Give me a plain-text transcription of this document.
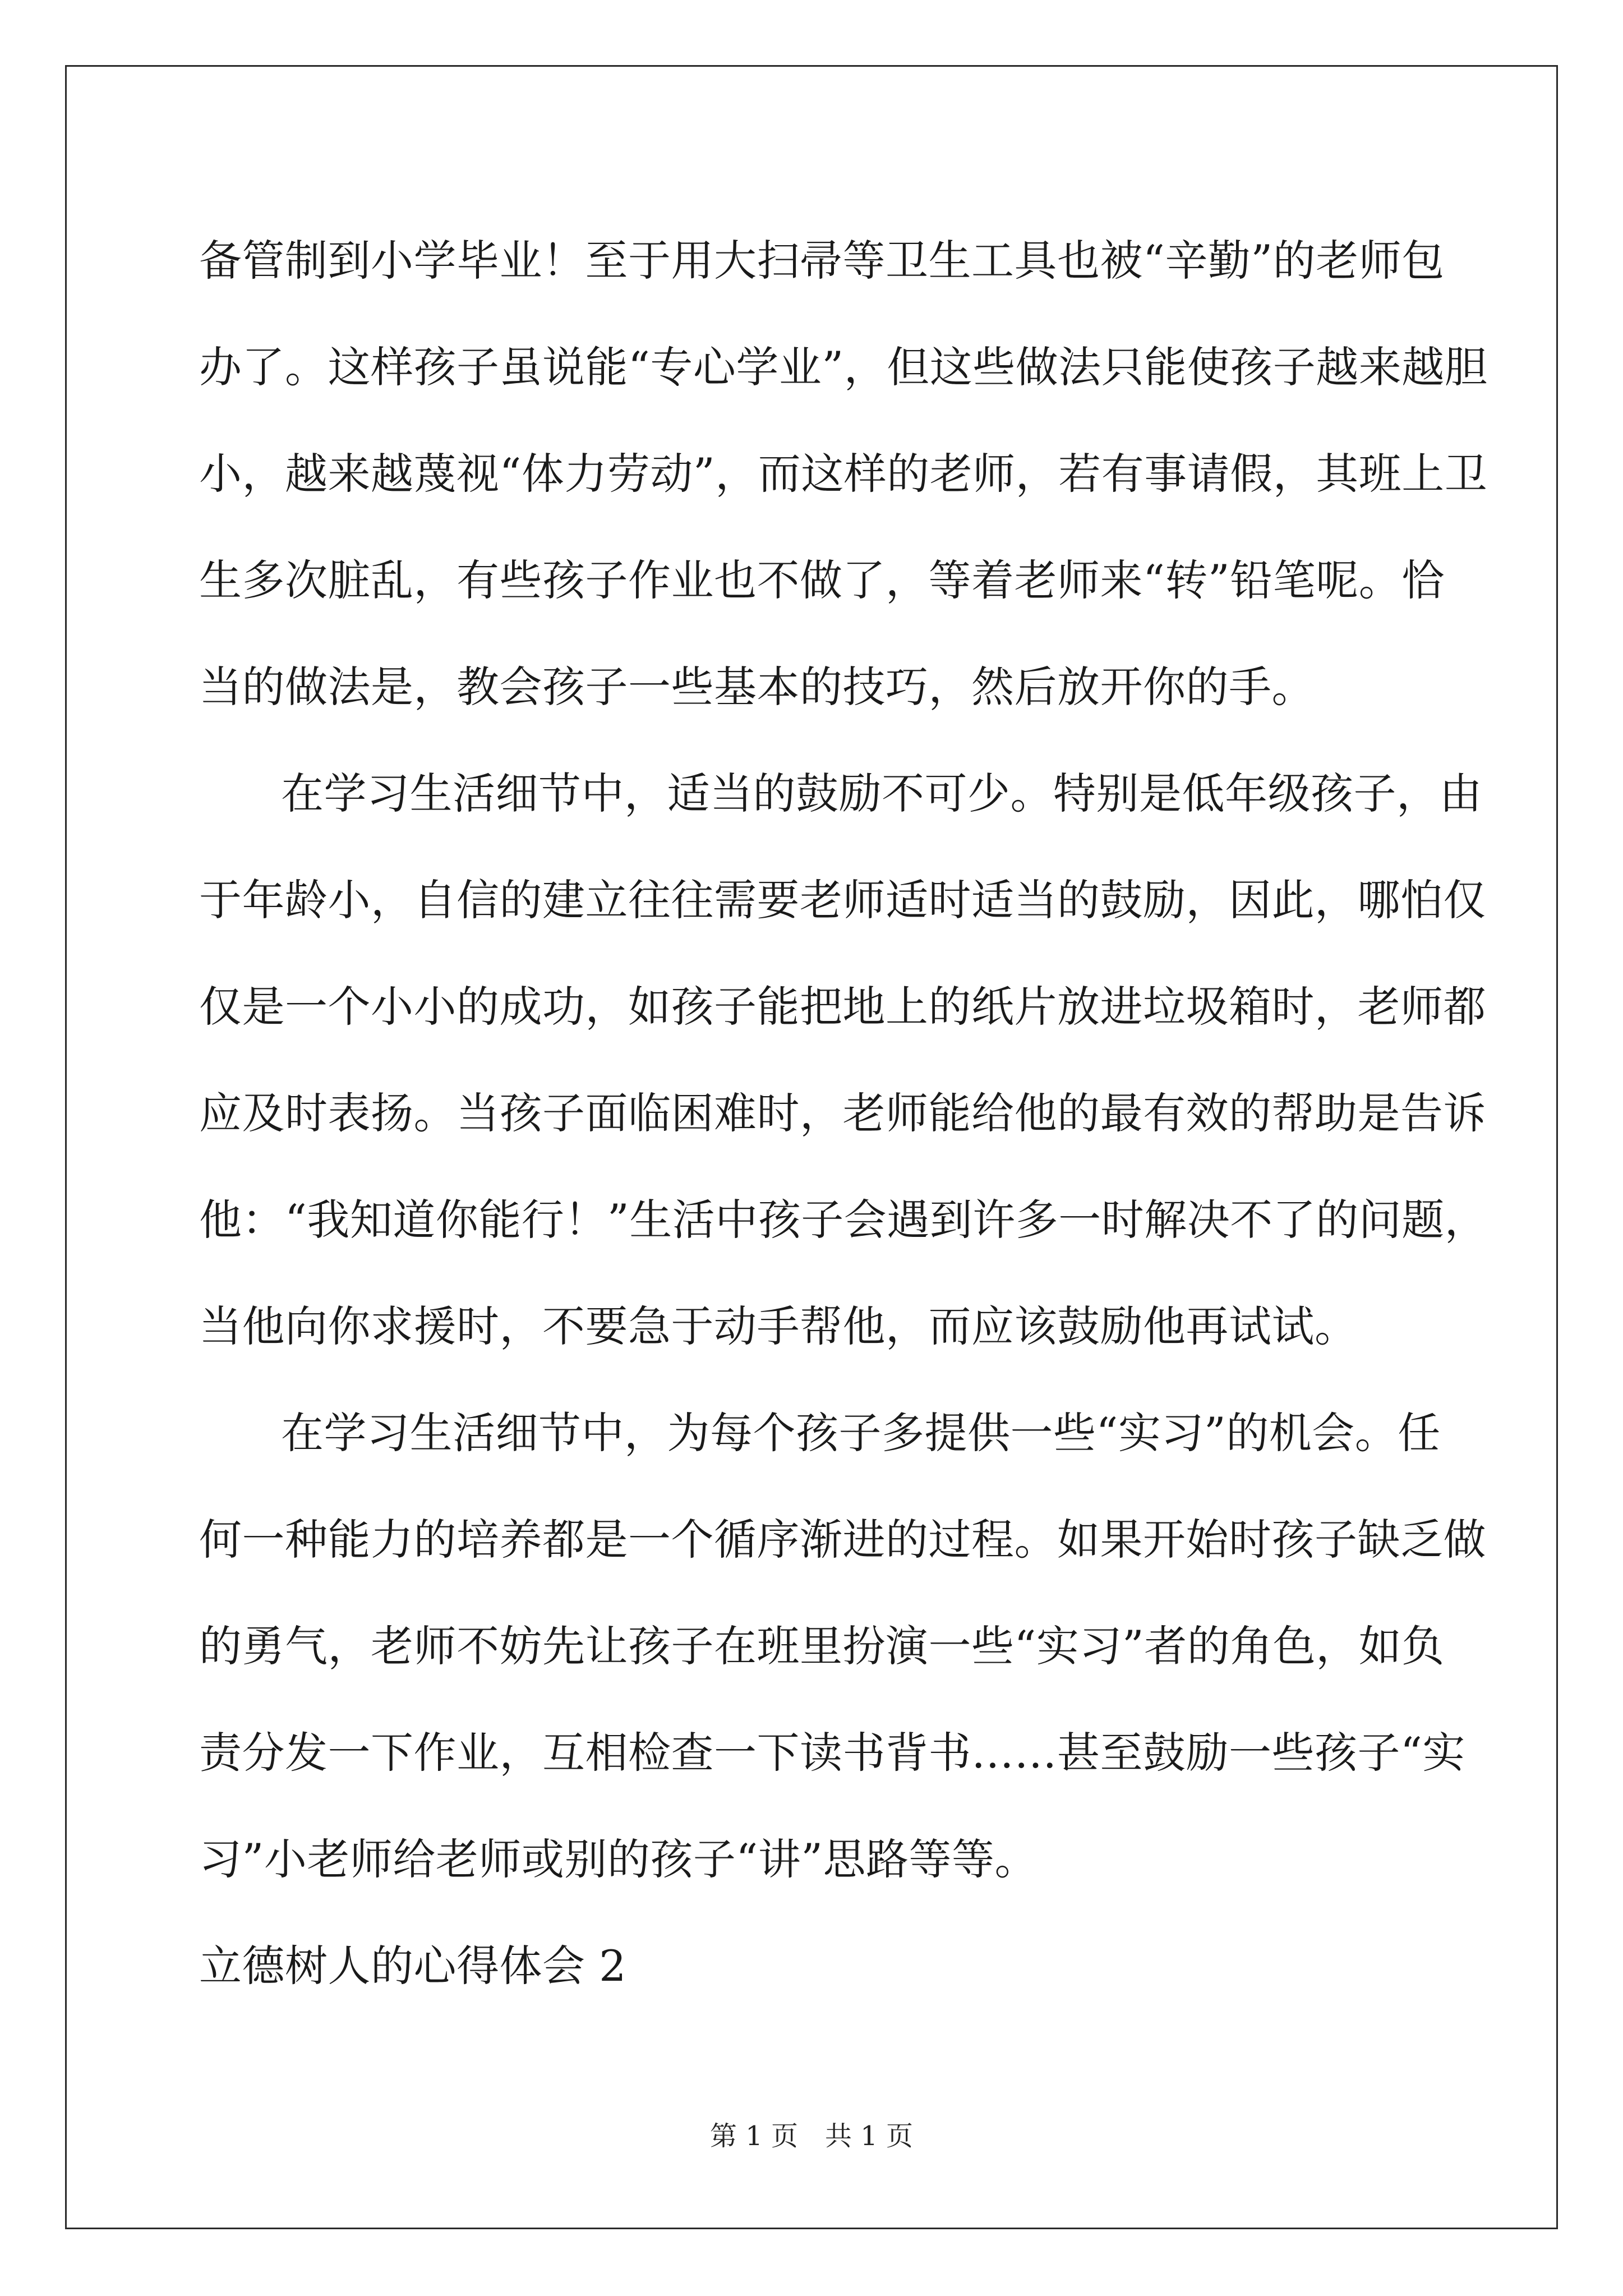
备管制到小学毕业！至于用大扫帚等卫生工具也被“辛勤”的老师包
办了。这样孩子虽说能“专心学业”，但这些做法只能使孩子越来越胆
小，越来越蔑视“体力劳动”，而这样的老师，若有事请假，其班上卫
生多次脏乱，有些孩子作业也不做了，等着老师来“转”铅笔呢。恰
当的做法是，教会孩子一些基本的技巧，然后放开你的手。
在学习生活细节中，适当的鼓励不可少。特别是低年级孩子，由
于年龄小，自信的建立往往需要老师适时适当的鼓励，因此，哪怕仅
仅是一个小小的成功，如孩子能把地上的纸片放进垃圾箱时，老师都
应及时表扬。当孩子面临困难时，老师能给他的最有效的帮助是告诉
他：“我知道你能行！”生活中孩子会遇到许多一时解决不了的问题，
当他向你求援时，不要急于动手帮他，而应该鼓励他再试试。
在学习生活细节中，为每个孩子多提供一些“实习”的机会。任
何一种能力的培养都是一个循序渐进的过程。如果开始时孩子缺乏做
的勇气，老师不妨先让孩子在班里扮演一些“实习”者的角色，如负
责分发一下作业，互相检查一下读书背书……甚至鼓励一些孩子“实
习”小老师给老师或别的孩子“讲”思路等等。
立德树人的心得体会 2
第 1 页　共 1 页
